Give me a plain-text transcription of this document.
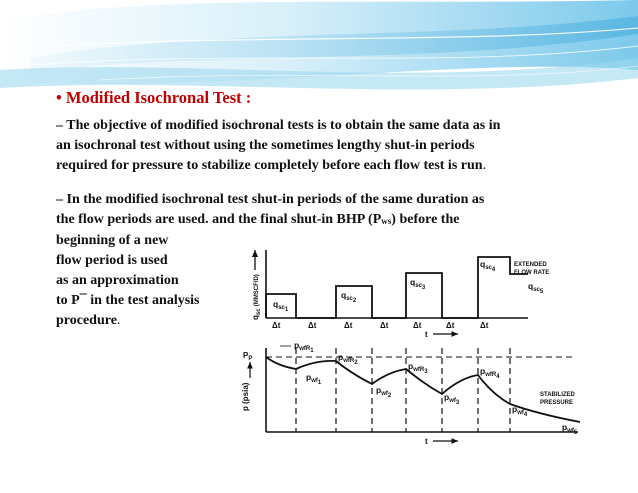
• Modified Isochronal Test :

– The objective of modified isochronal tests is to obtain the same data as in
an isochronal test without using the sometimes lengthy shut-in periods
required for pressure to stabilize completely before each flow test is run.

– In the modified isochronal test shut-in periods of the same duration as
the flow periods are used. and the final shut-in BHP (Pws) before the
beginning of a new
flow period is used
as an approximation
to P¯ in the test analysis
procedure.	$q_{sc}$ (MMSCF/D) $q_{sc1}$
$q_{sc2}$
$q_{sc3}$
$q_{sc4}$
$q_{sc5}$
EXTENDED FLOW RATE
Δt	Δt	Δt	Δt	Δt	Δt	Δt
t
p (psia)
$P_P$
$p_{wfR1}$
$p_{wfR2}$	$p_{wfR3}$	$p_{wfR4}$
$p_{wf1}$
$p_{wf2}$	$p_{wf3}$
$p_{wf4}$
$p_{wf5}$
STABILIZED PRESSURE
t
